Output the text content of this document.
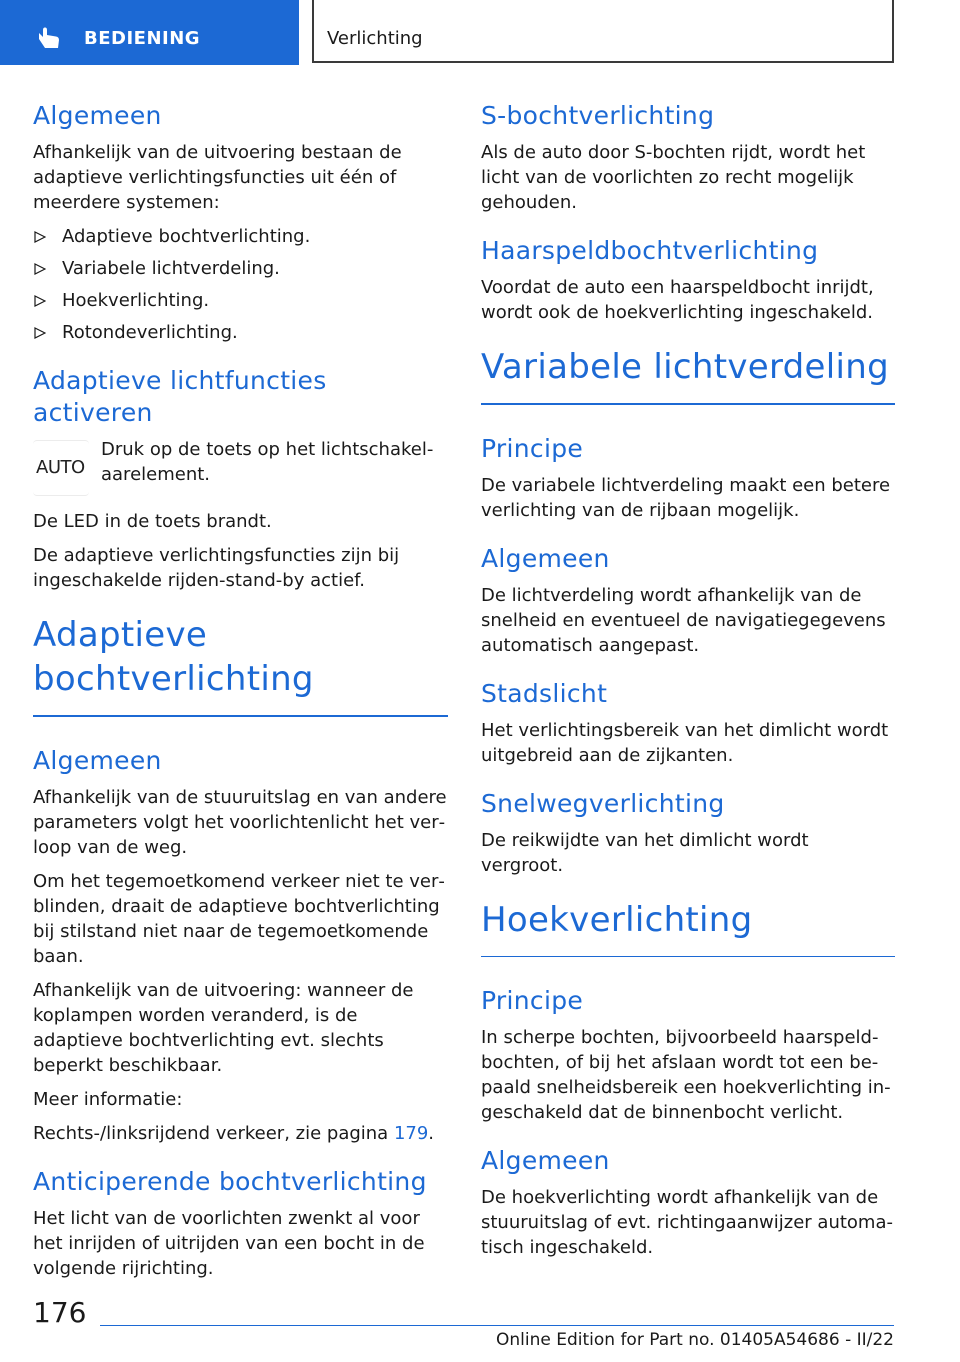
BEDIENING	Verlichting
Algemeen

Afhankelijk van de uitvoering bestaan de adaptieve verlichtingsfuncties uit één of meerdere systemen:

Adaptieve bochtverlichting.
Variabele lichtverdeling.
Hoekverlichting.
Rotondeverlichting.
Adaptieve lichtfuncties activeren
AUTO

Druk op de toets op het lichtschakelaarelement.

De LED in de toets brandt.

De adaptieve verlichtingsfuncties zijn bij ingeschakelde rijden-stand-by actief.

Adaptieve bochtverlichting
Algemeen

Afhankelijk van de stuuruitslag en van andere parameters volgt het voorlichtenlicht het verloop van de weg.

Om het tegemoetkomend verkeer niet te verblinden, draait de adaptieve bochtverlichting bij stilstand niet naar de tegemoetkomende baan.

Afhankelijk van de uitvoering: wanneer de koplampen worden veranderd, is de adaptieve bochtverlichting evt. slechts beperkt beschikbaar.

Meer informatie:

Rechts-/linksrijdend verkeer, zie pagina 179.

Anticiperende bochtverlichting

Het licht van de voorlichten zwenkt al voor het inrijden of uitrijden van een bocht in de volgende rijrichting.

S-bochtverlichting

Als de auto door S-bochten rijdt, wordt het licht van de voorlichten zo recht mogelijk gehouden.

Haarspeldbochtverlichting

Voordat de auto een haarspeldbocht inrijdt, wordt ook de hoekverlichting ingeschakeld.

Variabele lichtverdeling
Principe

De variabele lichtverdeling maakt een betere verlichting van de rijbaan mogelijk.

Algemeen

De lichtverdeling wordt afhankelijk van de snelheid en eventueel de navigatiegegevens automatisch aangepast.

Stadslicht

Het verlichtingsbereik van het dimlicht wordt uitgebreid aan de zijkanten.

Snelwegverlichting

De reikwijdte van het dimlicht wordt vergroot.

Hoekverlichting
Principe

In scherpe bochten, bijvoorbeeld haarspeldbochten, of bij het afslaan wordt tot een bepaald snelheidsbereik een hoekverlichting ingeschakeld dat de binnenbocht verlicht.

Algemeen

De hoekverlichting wordt afhankelijk van de stuuruitslag of evt. richtingaanwijzer automatisch ingeschakeld.

176
Online Edition for Part no. 01405A54686 - II/22
